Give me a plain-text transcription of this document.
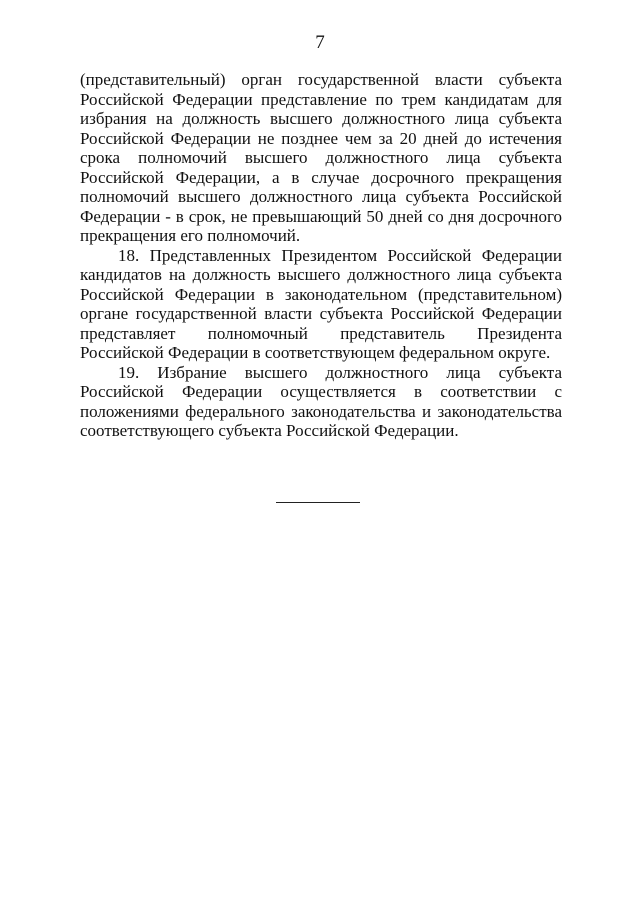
7

(представительный) орган государственной власти субъекта Российской Федерации представление по трем кандидатам для избрания на должность высшего должностного лица субъекта Российской Федерации не позднее чем за 20 дней до истечения срока полномочий высшего должностного лица субъекта Российской Федерации, а в случае досрочного прекращения полномочий высшего должностного лица субъекта Российской Федерации - в срок, не превышающий 50 дней со дня досрочного прекращения его полномочий.

18. Представленных Президентом Российской Федерации кандидатов на должность высшего должностного лица субъекта Российской Федерации в законодательном (представительном) органе государственной власти субъекта Российской Федерации представляет полномочный представитель Президента Российской Федерации в соответствующем федеральном округе.

19. Избрание высшего должностного лица субъекта Российской Федерации осуществляется в соответствии с положениями федерального законодательства и законодательства соответствующего субъекта Российской Федерации.
